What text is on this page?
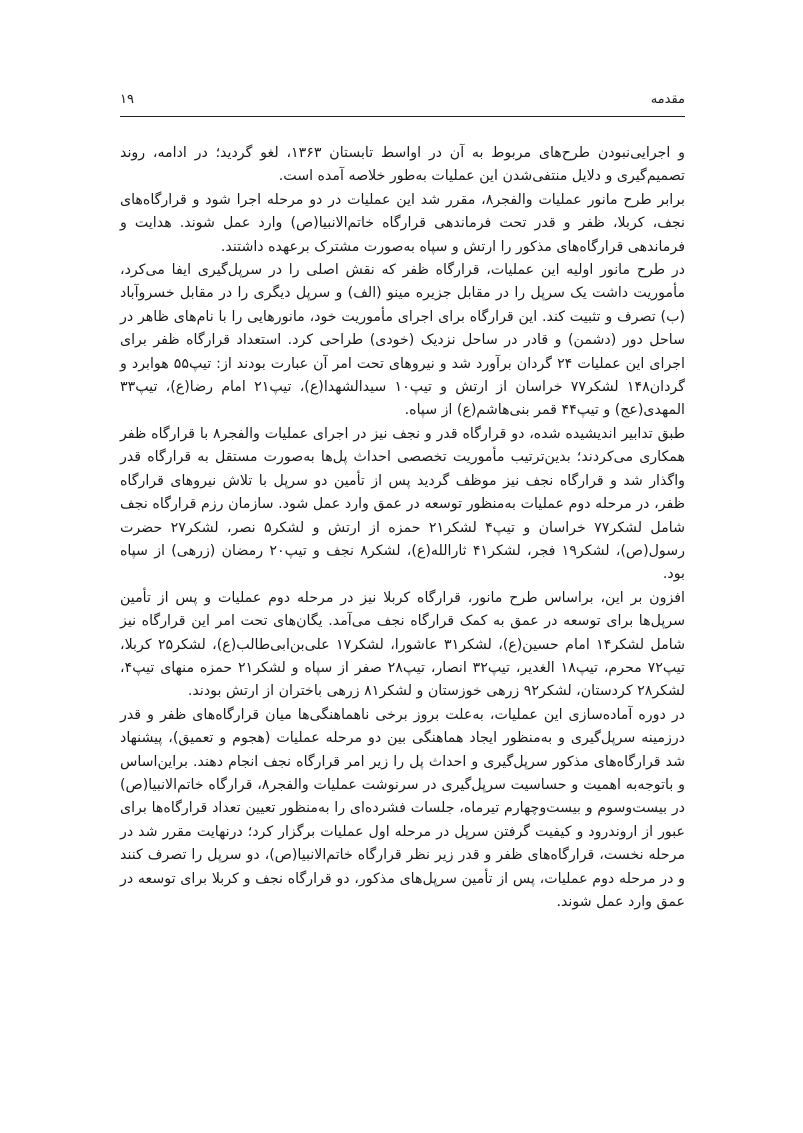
مقدمه
۱۹

و اجرایی‌نبودن طرح‌های مربوط به آن در اواسط تابستان ۱۳۶۳، لغو گردید؛ در ادامه، روند تصمیم‌گیری و دلایل منتفی‌شدن این عملیات به‌طور خلاصه آمده است.

برابر طرح مانور عملیات والفجر۸، مقرر شد این عملیات در دو مرحله اجرا شود و قرارگاه‌های نجف، کربلا، ظفر و قدر تحت فرماندهی قرارگاه خاتم‌الانبیا(ص) وارد عمل شوند. هدایت و فرماندهی قرارگاه‌های مذکور را ارتش و سپاه به‌صورت مشترک برعهده داشتند.

در طرح مانور اولیه این عملیات، قرارگاه ظفر که نقش اصلی را در سرپل‌گیری ایفا می‌کرد، مأموریت داشت یک سرپل را در مقابل جزیره مینو (الف) و سرپل دیگری را در مقابل خسروآباد (ب) تصرف و تثبیت کند. این قرارگاه برای اجرای مأموریت خود، مانورهایی را با نام‌های ظاهر در ساحل دور (دشمن) و قادر در ساحل نزدیک (خودی) طراحی کرد. استعداد قرارگاه ظفر برای اجرای این عملیات ۲۴ گردان برآورد شد و نیروهای تحت امر آن عبارت بودند از: تیپ۵۵ هوابرد و گردان۱۴۸ لشکر۷۷ خراسان از ارتش و تیپ۱۰ سیدالشهدا(ع)، تیپ۲۱ امام رضا(ع)، تیپ۳۳ المهدی(عج) و تیپ۴۴ قمر بنی‌هاشم(ع) از سپاه.

طبق تدابیر اندیشیده شده، دو قرارگاه قدر و نجف نیز در اجرای عملیات والفجر۸ با قرارگاه ظفر همکاری می‌کردند؛ بدین‌ترتیب مأموریت تخصصی احداث پل‌ها به‌صورت مستقل به قرارگاه قدر واگذار شد و قرارگاه نجف نیز موظف گردید پس از تأمین دو سرپل با تلاش نیروهای قرارگاه ظفر، در مرحله دوم عملیات به‌منظور توسعه در عمق وارد عمل شود. سازمان رزم قرارگاه نجف شامل لشکر۷۷ خراسان و تیپ۴ لشکر۲۱ حمزه از ارتش و لشکر۵ نصر، لشکر۲۷ حضرت رسول(ص)، لشکر۱۹ فجر، لشکر۴۱ ثارالله(ع)، لشکر۸ نجف و تیپ۲۰ رمضان (زرهی) از سپاه بود.

افزون بر این، براساس طرح مانور، قرارگاه کربلا نیز در مرحله دوم عملیات و پس از تأمین سرپل‌ها برای توسعه در عمق به کمک قرارگاه نجف می‌آمد. یگان‌های تحت امر این قرارگاه نیز شامل لشکر۱۴ امام حسین(ع)، لشکر۳۱ عاشورا، لشکر۱۷ علی‌بن‌ابی‌طالب(ع)، لشکر۲۵ کربلا، تیپ۷۲ محرم، تیپ۱۸ الغدیر، تیپ۳۲ انصار، تیپ۲۸ صفر از سپاه و لشکر۲۱ حمزه منهای تیپ۴، لشکر۲۸ کردستان، لشکر۹۲ زرهی خوزستان و لشکر۸۱ زرهی باختران از ارتش بودند.

در دوره آماده‌سازی این عملیات، به‌علت بروز برخی ناهماهنگی‌ها میان قرارگاه‌های ظفر و قدر درزمینه سرپل‌گیری و به‌منظور ایجاد هماهنگی بین دو مرحله عملیات (هجوم و تعمیق)، پیشنهاد شد قرارگاه‌های مذکور سرپل‌گیری و احداث پل را زیر امر قرارگاه نجف انجام دهند. براین‌اساس و باتوجه‌به اهمیت و حساسیت سرپل‌گیری در سرنوشت عملیات والفجر۸، قرارگاه خاتم‌الانبیا(ص) در بیست‌وسوم و بیست‌وچهارم تیرماه، جلسات فشرده‌ای را به‌منظور تعیین تعداد قرارگاه‌ها برای عبور از اروندرود و کیفیت گرفتن سرپل در مرحله اول عملیات برگزار کرد؛ درنهایت مقرر شد در مرحله نخست، قرارگاه‌های ظفر و قدر زیر نظر قرارگاه خاتم‌الانبیا(ص)، دو سرپل را تصرف کنند و در مرحله دوم عملیات، پس از تأمین سرپل‌های مذکور، دو قرارگاه نجف و کربلا برای توسعه در عمق وارد عمل شوند.
